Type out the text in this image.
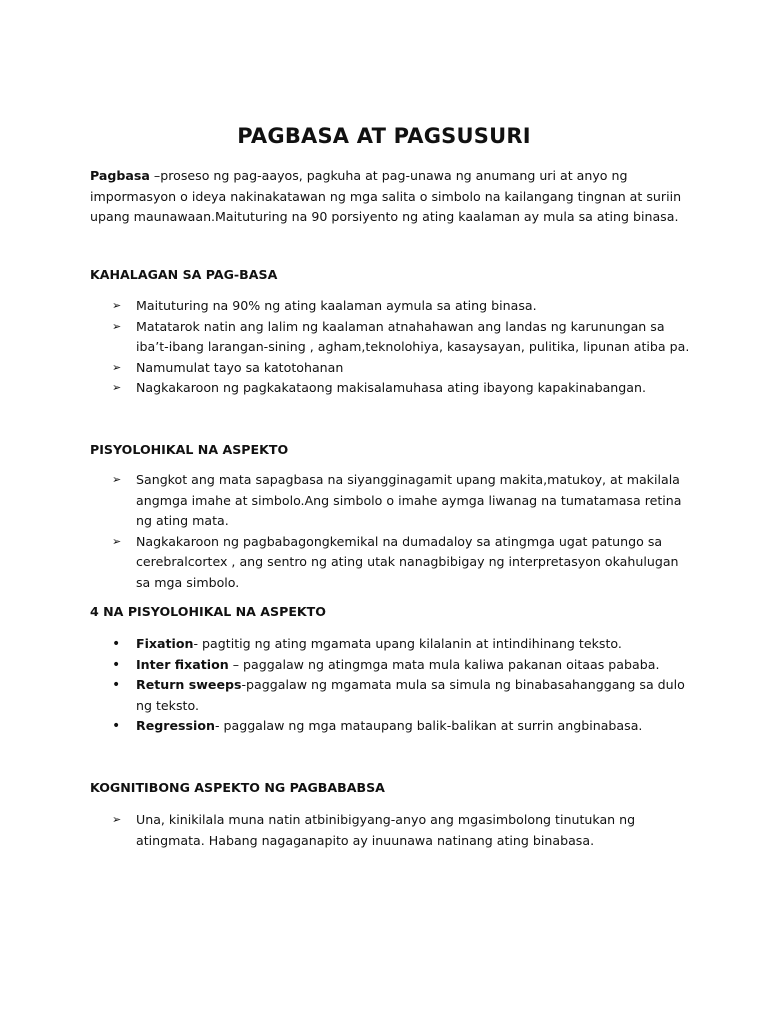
PAGBASA AT PAGSUSURI
Pagbasa –proseso ng pag-aayos, pagkuha at pag-unawa ng anumang uri at anyo ng impormasyon o ideya nakinakatawan ng mga salita o simbolo na kailangang tingnan at suriin upang maunawaan.Maituturing na 90 porsiyento ng ating kaalaman ay mula sa ating binasa.
KAHALAGAN SA PAG-BASA
➢	Maituturing na 90% ng ating kaalaman aymula sa ating binasa.
➢	Matatarok natin ang lalim ng kaalaman atnahahawan ang landas ng karunungan sa iba’t-ibang larangan-sining , agham,teknolohiya, kasaysayan, pulitika, lipunan atiba pa.
➢	Namumulat tayo sa katotohanan
➢	Nagkakaroon ng pagkakataong makisalamuhasa ating ibayong kapakinabangan.
PISYOLOHIKAL NA ASPEKTO
➢	Sangkot ang mata sapagbasa na siyangginagamit upang makita,matukoy, at makilala angmga imahe at simbolo.Ang simbolo o imahe aymga liwanag na tumatamasa retina ng ating mata.
➢	Nagkakaroon ng pagbabagongkemikal na dumadaloy sa atingmga ugat patungo sa cerebralcortex , ang sentro ng ating utak nanagbibigay ng interpretasyon okahulugan sa mga simbolo.
4 NA PISYOLOHIKAL NA ASPEKTO
•	Fixation- pagtitig ng ating mgamata upang kilalanin at intindihinang teksto.
•	Inter fixation – paggalaw ng atingmga mata mula kaliwa pakanan oitaas pababa.
•	Return sweeps-paggalaw ng mgamata mula sa simula ng binabasahanggang sa dulo ng teksto.
•	Regression- paggalaw ng mga mataupang balik-balikan at surrin angbinabasa.
KOGNITIBONG ASPEKTO NG PAGBABABSA
➢	Una, kinikilala muna natin atbinibigyang-anyo ang mgasimbolong tinutukan ng atingmata. Habang nagaganapito ay inuunawa natinang ating binabasa.
